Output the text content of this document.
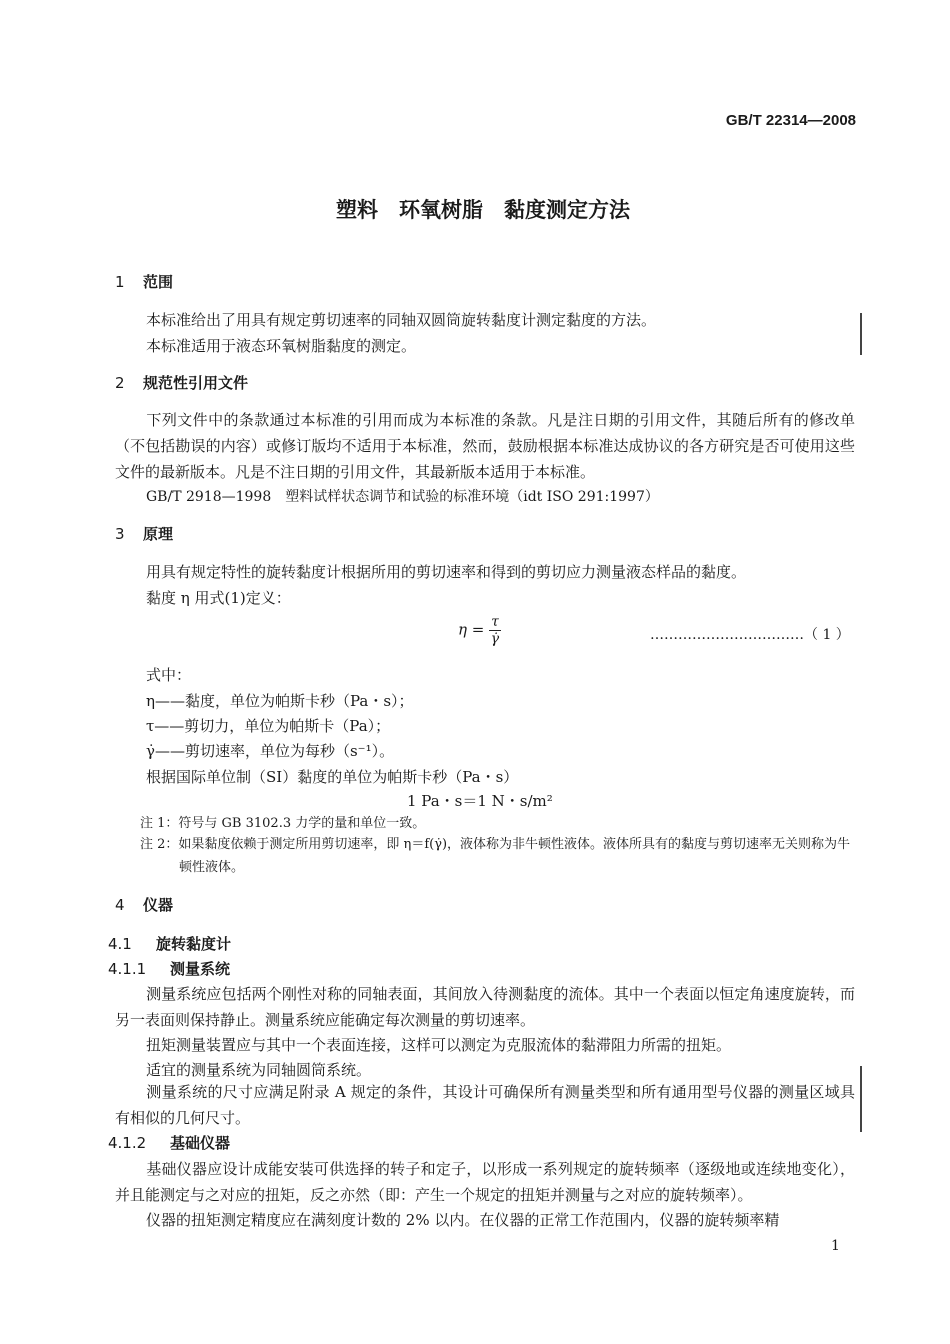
GB/T 22314—2008
塑料　环氧树脂　黏度测定方法
1 范围
本标准给出了用具有规定剪切速率的同轴双圆筒旋转黏度计测定黏度的方法。
本标准适用于液态环氧树脂黏度的测定。
2 规范性引用文件
下列文件中的条款通过本标准的引用而成为本标准的条款。凡是注日期的引用文件，其随后所有的修改单（不包括勘误的内容）或修订版均不适用于本标准，然而，鼓励根据本标准达成协议的各方研究是否可使用这些文件的最新版本。凡是不注日期的引用文件，其最新版本适用于本标准。
GB/T 2918—1998　塑料试样状态调节和试验的标准环境（idt ISO 291:1997）
3 原理
用具有规定特性的旋转黏度计根据所用的剪切速率和得到的剪切应力测量液态样品的黏度。
黏度 η 用式(1)定义：
$\eta = \frac{\tau}{\gammȧ}$	……………………………（ 1 ）
式中：
η——黏度，单位为帕斯卡秒（Pa・s）；
τ——剪切力，单位为帕斯卡（Pa）；
γ̇——剪切速率，单位为每秒（s⁻¹）。
根据国际单位制（SI）黏度的单位为帕斯卡秒（Pa・s）
1 Pa・s＝1 N・s/m²
注 1：符号与 GB 3102.3 力学的量和单位一致。
注 2：如果黏度依赖于测定所用剪切速率，即 η＝f(γ̇)，液体称为非牛顿性液体。液体所具有的黏度与剪切速率无关则称为牛顿性液体。
4 仪器
4.1 旋转黏度计
4.1.1 测量系统
测量系统应包括两个刚性对称的同轴表面，其间放入待测黏度的流体。其中一个表面以恒定角速度旋转，而另一表面则保持静止。测量系统应能确定每次测量的剪切速率。
扭矩测量装置应与其中一个表面连接，这样可以测定为克服流体的黏滞阻力所需的扭矩。
适宜的测量系统为同轴圆筒系统。
测量系统的尺寸应满足附录 A 规定的条件，其设计可确保所有测量类型和所有通用型号仪器的测量区域具有相似的几何尺寸。
4.1.2 基础仪器
基础仪器应设计成能安装可供选择的转子和定子，以形成一系列规定的旋转频率（逐级地或连续地变化），并且能测定与之对应的扭矩，反之亦然（即：产生一个规定的扭矩并测量与之对应的旋转频率）。
仪器的扭矩测定精度应在满刻度计数的 2% 以内。在仪器的正常工作范围内，仪器的旋转频率精
1
